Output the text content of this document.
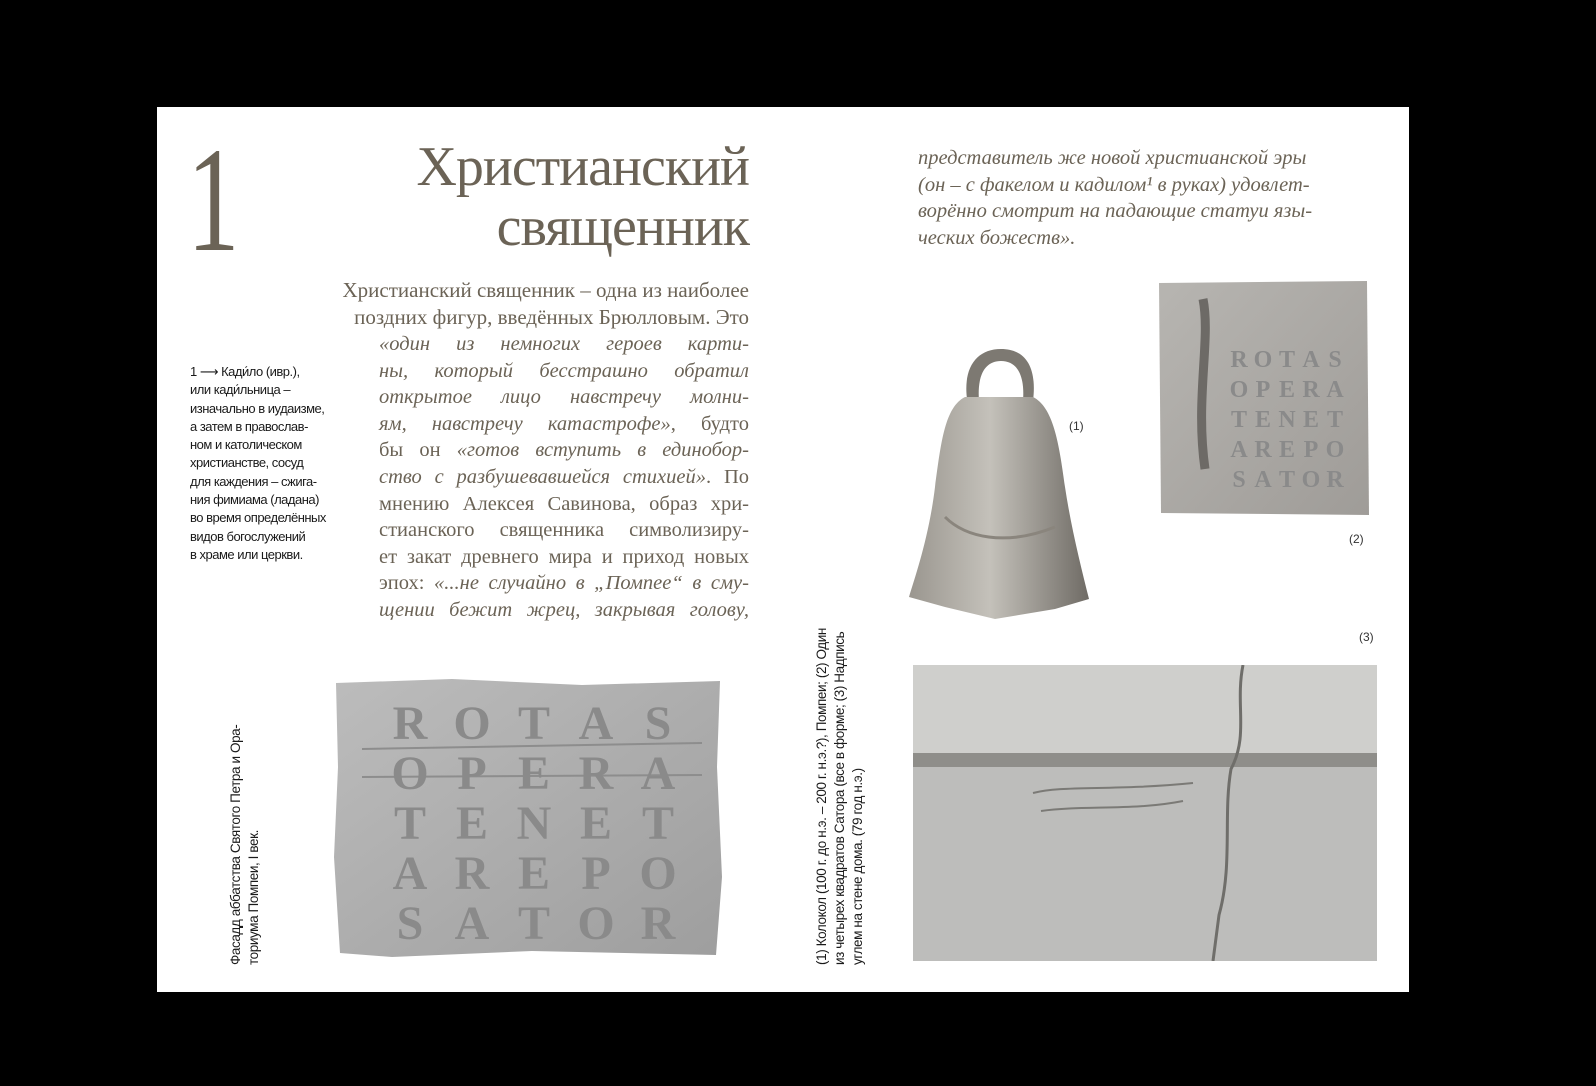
1	Христианский
священник
Христианский священник – одна из наиболее
поздних фигур, введённых Брюлловым. Это
«один из немногих героев карти-
ны, который бесстрашно обратил
открытое лицо навстречу молни-
ям, навстречу катастрофе», будто
бы он «готов вступить в единобор-
ство с разбушевавшейся стихией». По
мнению Алексея Савинова, образ хри-
стианского священника символизиру-
ет закат древнего мира и приход новых
эпох: «...не случайно в „Помпее“ в сму-
щении бежит жрец, закрывая голову,
1 ⟶ Кади́ло (ивр.),
или кади́льница –
изначально в иудаизме,
а затем в православ-
ном и католическом
христианстве, сосуд
для каждения – сжига-
ния фимиама (ладана)
во время определённых
видов богослужений
в храме или церкви.
Фасадд аббатства Святого Петра и Ора- ториума Помпеи, I век.
R O T A S
O P E R A
T E N E T
A R E P O
S A T O R
представитель же новой христианской эры
(он – с факелом и кадилом¹ в руках) удовлет-
ворённо смотрит на падающие статуи язы-
ческих божеств».
(1)
R O T A S
O P E R A
T E N E T
A R E P O
S A T O R
(2)
(3)
(1) Колокол (100 г. до н.э. – 200 г. н.э.?), Помпеи; (2) Один из четырех квадратов Сатора (все в форме; (3) Надпись углем на стене дома. (79 год н.э.)
